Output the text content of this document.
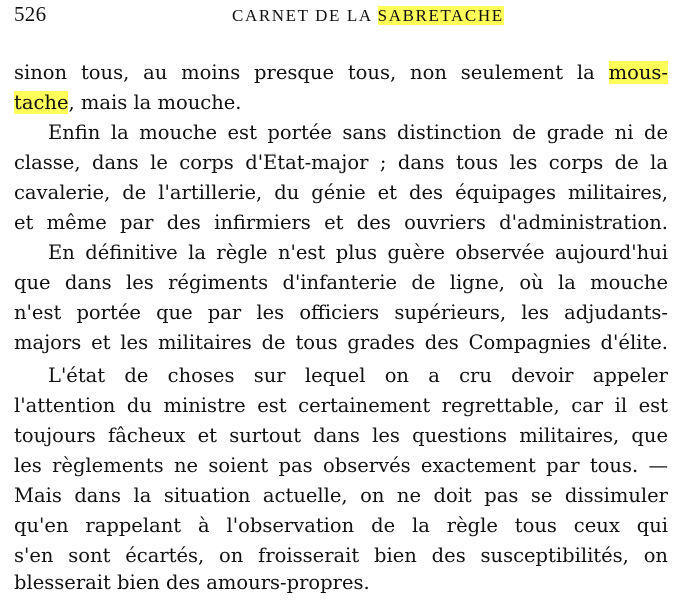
526	CARNET DE LA SABRETACHE
sinon tous, au moins presque tous, non seulement la mous-
tache, mais la mouche.
Enfin la mouche est portée sans distinction de grade ni de
classe, dans le corps d'Etat-major ; dans tous les corps de la
cavalerie, de l'artillerie, du génie et des équipages militaires,
et même par des infirmiers et des ouvriers d'administration.
En définitive la règle n'est plus guère observée aujourd'hui
que dans les régiments d'infanterie de ligne, où la mouche
n'est portée que par les officiers supérieurs, les adjudants-
majors et les militaires de tous grades des Compagnies d'élite.
L'état de choses sur lequel on a cru devoir appeler
l'attention du ministre est certainement regrettable, car il est
toujours fâcheux et surtout dans les questions militaires, que
les règlements ne soient pas observés exactement par tous. —
Mais dans la situation actuelle, on ne doit pas se dissimuler
qu'en rappelant à l'observation de la règle tous ceux qui
s'en sont écartés, on froisserait bien des susceptibilités, on
blesserait bien des amours-propres.
